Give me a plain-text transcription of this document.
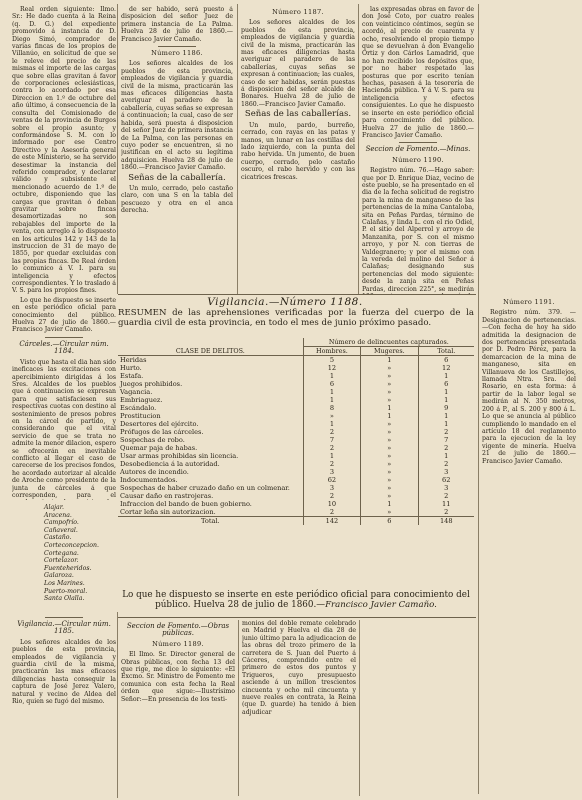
Real orden siguiente: Ilmo. Sr.: He dado cuenta á la Reina (q. D. G.) del expediente promovido á instancia de D. Diego Simó, comprador de varias fincas de los propios de Villanúo, en solicitud de que se le releve del precio de las mismas el importe de las cargas que sobre ellas gravitan á favor de corporaciones eclesiásticas, contra lo acordado por esa Direccion en 1.º de octubre del año último, á consecuencia de la consulta del Comisionado de ventas de la provincia de Burgos sobre el propio asunto; y conformándose S. M. con lo informado por ese Centro Directivo y la Asesoría general de este Ministerio, se ha servido desestimar la instancia del referido comprador, y declarar válido y subsistente el mencionado acuerdo de 1.º de octubre, disponiendo que las cargas que gravitan ó deban gravitar sobre fincas desamortizadas no son rebajables del importe de la venta, con arreglo á lo dispuesto en los artículos 142 y 143 de la instruccion de 31 de mayo de 1855, por quedar excluidas con las propias fincas. De Real órden lo comunico á V. I. para su inteligencia y efectos correspondientes. Y lo traslado á V. S. para los propios fines.

Lo que he dispuesto se inserte en este periódico oficial para conocimiento del público. Huelva 27 de julio de 1860.—Francisco Javier Camaño.

Cárceles.—Circular núm. 1184.

Visto que hasta el dia han sido ineficaces las excitaciones con apercibimiento dirigidas á los Sres. Alcaldes de los pueblos que á continuacion se expresan para que satisfaciesen sus respectivas cuotas con destino al sostenimiento de presos pobres en la cárcel de partido, y considerando que el vital servicio de que se trata no admite la menor dilacion, espero se ofrecerán en inevitable conflicto al llegar el caso de carecerse de los precisos fondos, he acordado autorizar al alcalde de Aroche como presidente de la junta de cárceles á que corresponden, para el

Alajar.
Aracena.
Campofrío.
Cañaveral.
Castaño.
Corteconcepcion.
Cortegana.
Cortelazor.
Fuenteheridos.
Galaroza.
Los Marines.
Puerto-moral.
Santa Olalla.
Vigilancia.—Circular núm. 1185.

Los señores alcaldes de los pueblos de esta provincia, empleados de vigilancia y guardia civil de la misma, practicarán las mas eficaces diligencias hasta conseguir la captura de José Jerez Valero, natural y vecino de Aldea del Rio, quien se fugó del mismo.

de ser habido, será puesto á disposicion del señor Juez de primera instancia de La Palma. Huelva 28 de julio de 1860.—Francisco Javier Camaño.

Número 1186.

Los señores alcaldes de los pueblos de esta provincia, empleados de vigilancia y guardia civil de la misma, practicarán las mas eficaces diligencias hasta averiguar el paradero de la caballería, cuyas señas se expresan á continuacion; la cual, caso de ser habida, será puesta á disposicion del señor Juez de primera instancia de La Palma, con las personas en cuyo poder se encuentren, si no justifican en el acto su legítima adquisicion. Huelva 28 de julio de 1860.—Francisco Javier Camaño.

Señas de la caballería.

Un mulo, cerrado, pelo castaño claro, con una S en la tabla del pescuezo y otra en el anca derecha.

Número 1187.

Los señores alcaldes de los pueblos de esta provincia, empleados de vigilancia y guardia civil de la misma, practicarán las mas eficaces diligencias hasta averiguar el paradero de las caballerías, cuyas señas se expresan á continuacion; las cuales, caso de ser habidas, serán puestas á disposicion del señor alcalde de Bonares. Huelva 28 de julio de 1860.—Francisco Javier Camaño.

Señas de las caballerías.

Un mulo, pardo, burreño, cerrado, con rayas en las patas y manos, un lunar en las costillas del lado izquierdo, con la punta del rabo hervida. Un jumento, de buen cuerpo, cerrado, pelo castaño oscuro, el rabo hervido y con las cicatrices frescas.

las expresadas obras en favor de don José Coto, por cuatro reales con veinticinco céntimos, según se acordó, al precio de cuarenta y ocho, resolviendo el propio tiempo que se devuelvan á don Evangelio Ortiz y don Cárlos Lamadrid, que no han recibido los depósitos que, por no haber respetado las posturas que por escrito tenían hechas, pasasen á la tesorería de Hacienda pública. Y á V. S. para su inteligencia y efectos consiguientes. Lo que he dispuesto se inserte en este periódico oficial para conocimiento del público. Huelva 27 de julio de 1860.—Francisco Javier Camaño.

Seccion de Fomento.—Minas.
Número 1190.

Registro núm. 76.—Hago saber: que por D. Enrique Diaz, vecino de este pueblo, se ha presentado en el dia de la fecha solicitud de registro para la mina de manganeso de las pertenencias de la mina Cantaloba, sita en Peñas Pardas, término de Calañas, y linda L. con el rio Odiel, P. el sitio del Alperrol y arroyo de Manzanita, por S. con el mismo arroyo, y por N. con tierras de Valdegranero; y por el mismo con la vereda del molino del Señor á Calañas; designando sus pertenencias del modo siguiente: desde la zanja sita en Peñas Pardas, direccion 225°, se medirán

Número 1191.

Registro núm. 379. —Designacion de pertenencias.—Con fecha de hoy ha sido admitida la designacion de dos pertenencias presentada por D. Pedro Pérez, para la demarcacion de la mina de manganeso, sita en Villanueva de los Castillejos, llamada Ntra. Sra. del Rosario, en esta forma: á partir de la labor legal se medirán al N. 350 metros, 200 á P., al S. 200 y 800 á L. Lo que se anuncia al público cumpliendo lo mandado en el artículo 18 del reglamento para la ejecucion de la ley vigente de minería. Huelva 21 de julio de 1860.—Francisco Javier Camaño.

Vigilancia.—Número 1188.
RESUMEN de las aprehensiones verificadas por la fuerza del cuerpo de la guardia civil de esta provincia, en todo el mes de junio próximo pasado.
CLASE DE DELITOS.	Número de delincuentes capturados.		
	Hombres.	Mugeres.	Total.
Heridas	5	1	6
Hurto.	12	»	12
Estafa.	1	»	1
Juegos prohibidos.	6	»	6
Vagancia.	1	»	1
Embriaguez.	1	»	1
Escándalo.	8	1	9
Prostitucion	»	1	1
Desertores del ejército.	1	»	1
Prófugos de las cárceles.	2	»	2
Sospechas de robo.	7	»	7
Quemar paja de habas.	2	»	2
Usar armas prohibidas sin licencia.	1	»	1
Desobediencia á la autoridad.	2	»	2
Autores de incendio.	3	»	3
Indocumentados.	62	»	62
Sospechas de haber cruzado daño en un colmenar.	3	»	3
Causar daño en rastrojeras.	2	»	2
Infraccion del bando de buen gobierno.	10	1	11
Cortar leña sin autorizacion.	2	»	2
Total.	142	6	148
Lo que he dispuesto se inserte en este periódico oficial para conocimiento del público. Huelva 28 de julio de 1860.—Francisco Javier Camaño.
Seccion de Fomento.—Obras públicas.
Número 1189.

El Ilmo. Sr. Director general de Obras públicas, con fecha 13 del que rige, me dice lo siguiente: «El Excmo. Sr. Ministro de Fomento me comunica con esta fecha la Real órden que sigue:—Ilustrísimo Señor:—En presencia de los testi-

monios del doble remate celebrado en Madrid y Huelva el dia 28 de junio último para la adjudicacion de las obras del trozo primero de la carretera de S. Juan del Puerto á Cáceres, comprendido entre el primero de estos dos puntos y Trigueros, cuyo presupuesto asciende á un millon trescientos cincuenta y ocho mil cincuenta y nueve reales en contrata, la Reina (que D. guarde) ha tenido á bien adjudicar
